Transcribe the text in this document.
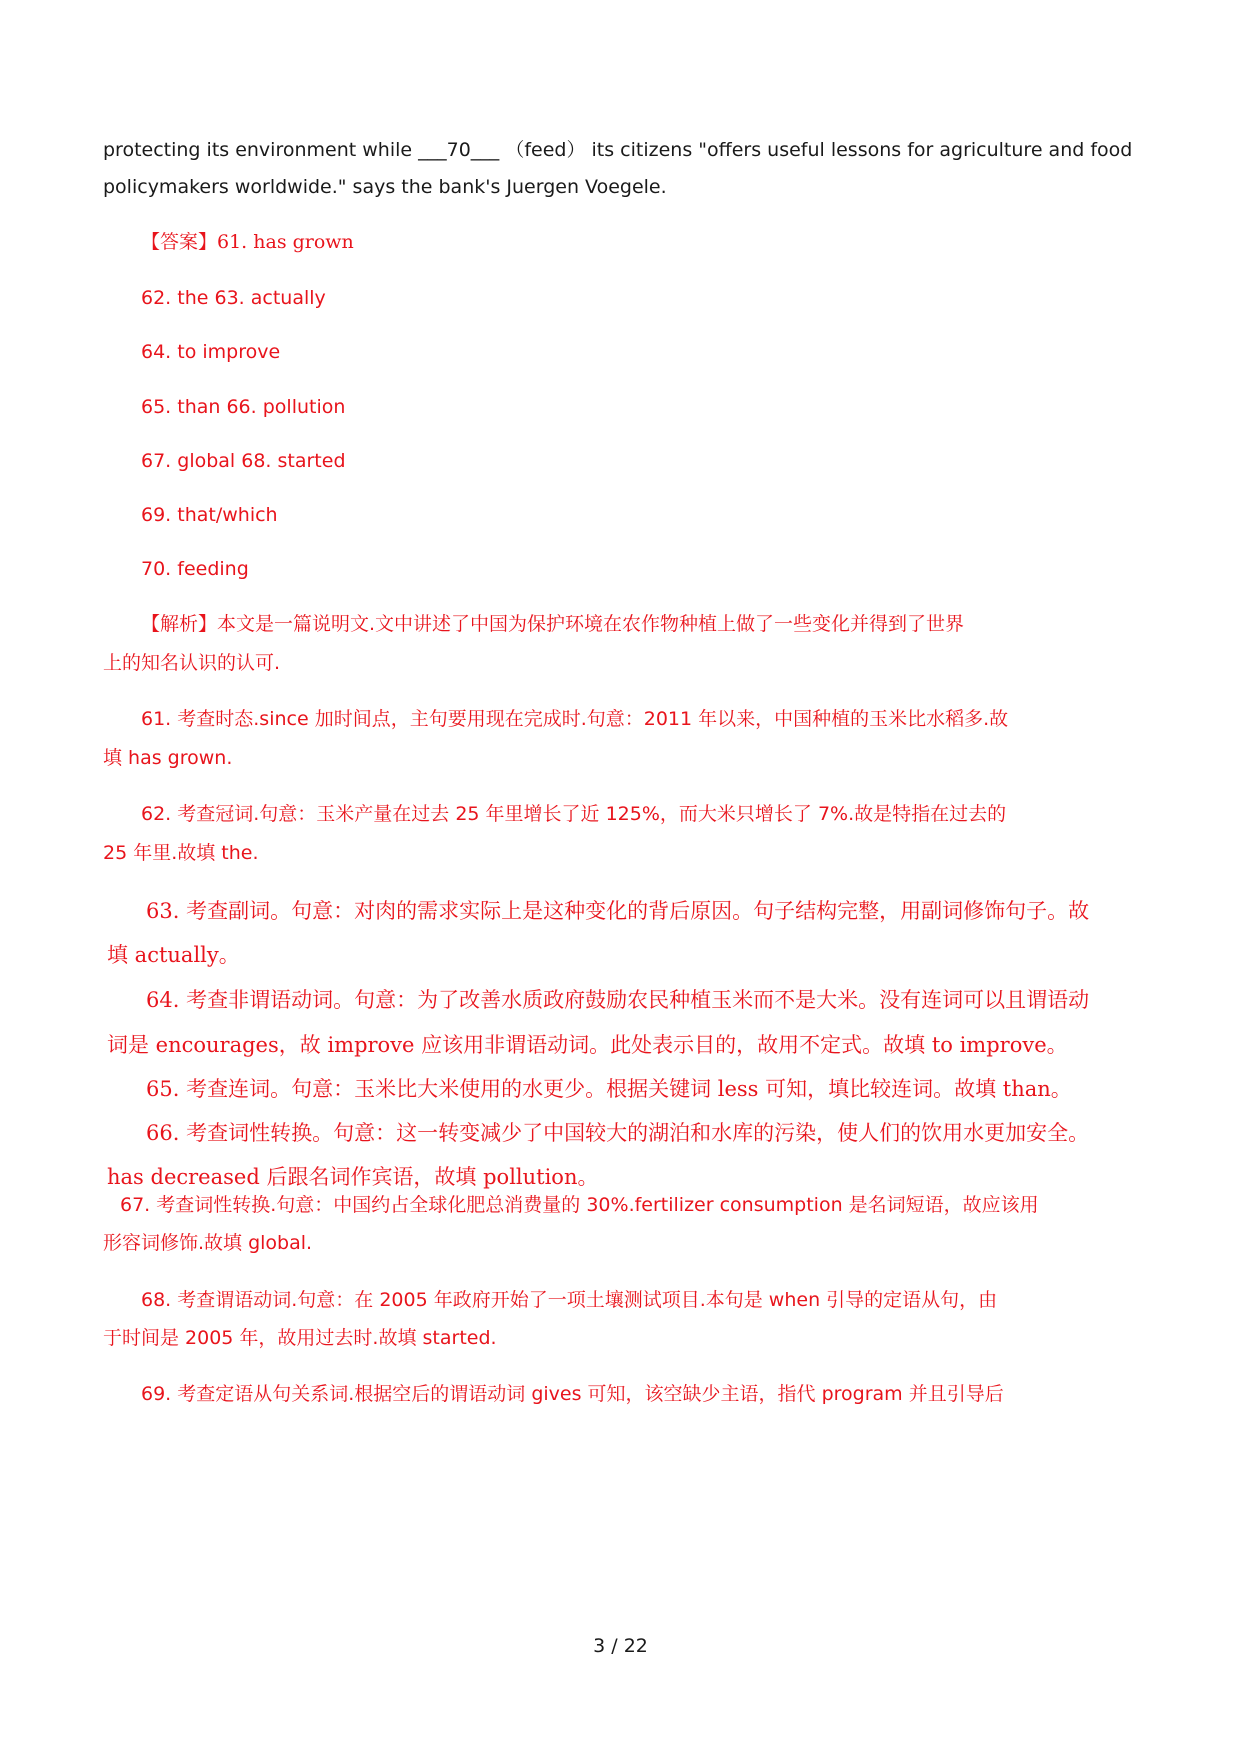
protecting its environment while ___70___ （feed） its citizens "offers useful lessons for agriculture and food
policymakers worldwide." says the bank's Juergen Voegele.
【答案】61. has grown
62. the 63. actually
64. to improve
65. than 66. pollution
67. global 68. started
69. that/which
70. feeding
【解析】本文是一篇说明文.文中讲述了中国为保护环境在农作物种植上做了一些变化并得到了世界
上的知名认识的认可.
61. 考查时态.since 加时间点，主句要用现在完成时.句意：2011 年以来，中国种植的玉米比水稻多.故
填 has grown.
62. 考查冠词.句意：玉米产量在过去 25 年里增长了近 125%，而大米只增长了 7%.故是特指在过去的
25 年里.故填 the.
63. 考查副词。句意：对肉的需求实际上是这种变化的背后原因。句子结构完整，用副词修饰句子。故
填 actually。
64. 考查非谓语动词。句意：为了改善水质政府鼓励农民种植玉米而不是大米。没有连词可以且谓语动
词是 encourages，故 improve 应该用非谓语动词。此处表示目的，故用不定式。故填 to improve。
65. 考查连词。句意：玉米比大米使用的水更少。根据关键词 less 可知，填比较连词。故填 than。
66. 考查词性转换。句意：这一转变减少了中国较大的湖泊和水库的污染，使人们的饮用水更加安全。
has decreased 后跟名词作宾语，故填 pollution。
67. 考查词性转换.句意：中国约占全球化肥总消费量的 30%.fertilizer consumption 是名词短语，故应该用
形容词修饰.故填 global.
68. 考查谓语动词.句意：在 2005 年政府开始了一项土壤测试项目.本句是 when 引导的定语从句，由
于时间是 2005 年，故用过去时.故填 started.
69. 考查定语从句关系词.根据空后的谓语动词 gives 可知，该空缺少主语，指代 program 并且引导后
3 / 22
